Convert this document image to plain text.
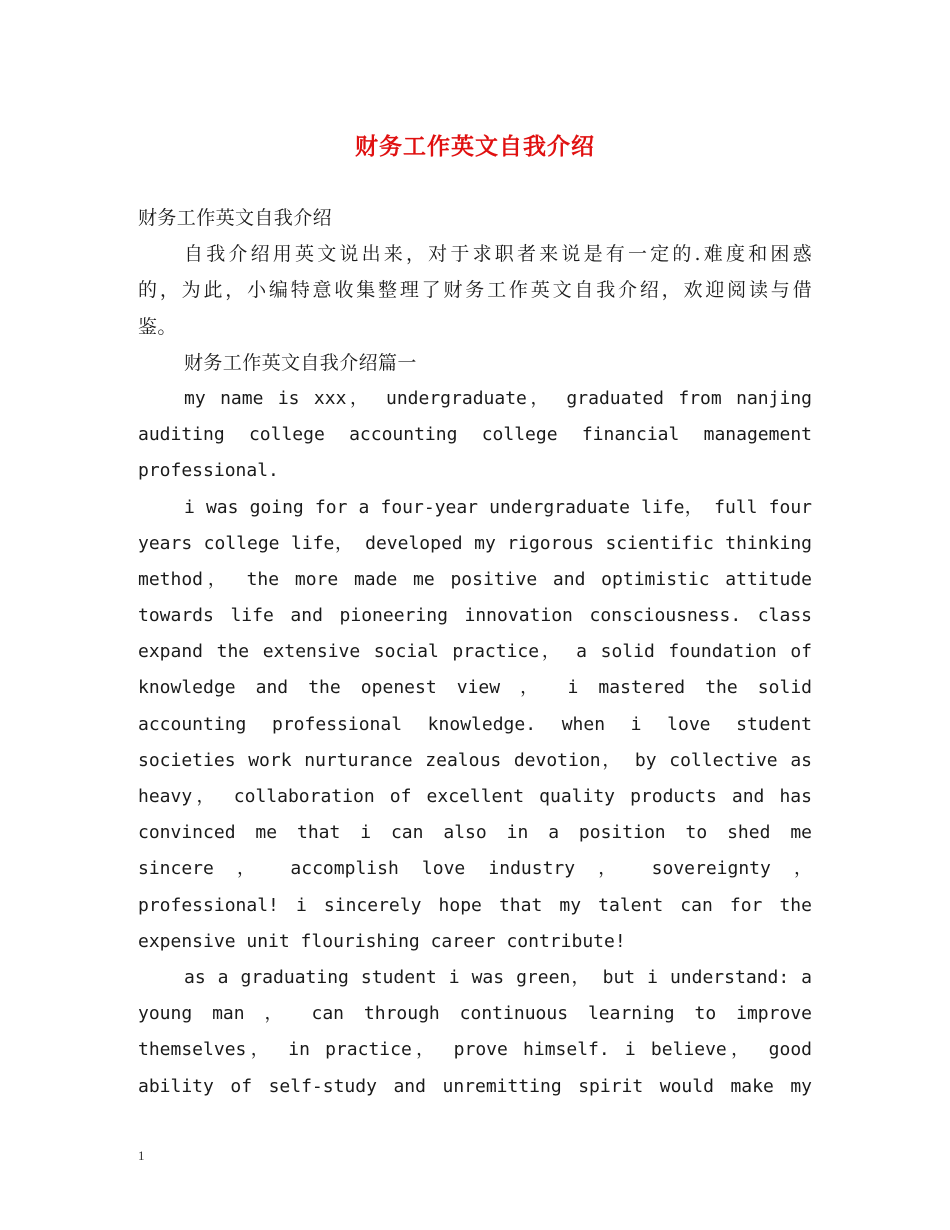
财务工作英文自我介绍
财务工作英文自我介绍
自我介绍用英文说出来，对于求职者来说是有一定的.难度和困惑
的，为此，小编特意收集整理了财务工作英文自我介绍，欢迎阅读与借
鉴。
财务工作英文自我介绍篇一
my name is xxx， undergraduate， graduated from nanjing
auditing college accounting college financial management
professional.
i was going for a four-year undergraduate life， full four
years college life， developed my rigorous scientific thinking
method， the more made me positive and optimistic attitude
towards life and pioneering innovation consciousness. class
expand the extensive social practice， a solid foundation of
knowledge and the openest view ， i mastered the solid
accounting professional knowledge. when i love student
societies work nurturance zealous devotion， by collective as
heavy， collaboration of excellent quality products and has
convinced me that i can also in a position to shed me
sincere ， accomplish love industry ， sovereignty ，
professional! i sincerely hope that my talent can for the
expensive unit flourishing career contribute!
as a graduating student i was green， but i understand: a
young man ， can through continuous learning to improve
themselves， in practice， prove himself. i believe， good
ability of self-study and unremitting spirit would make my
1
